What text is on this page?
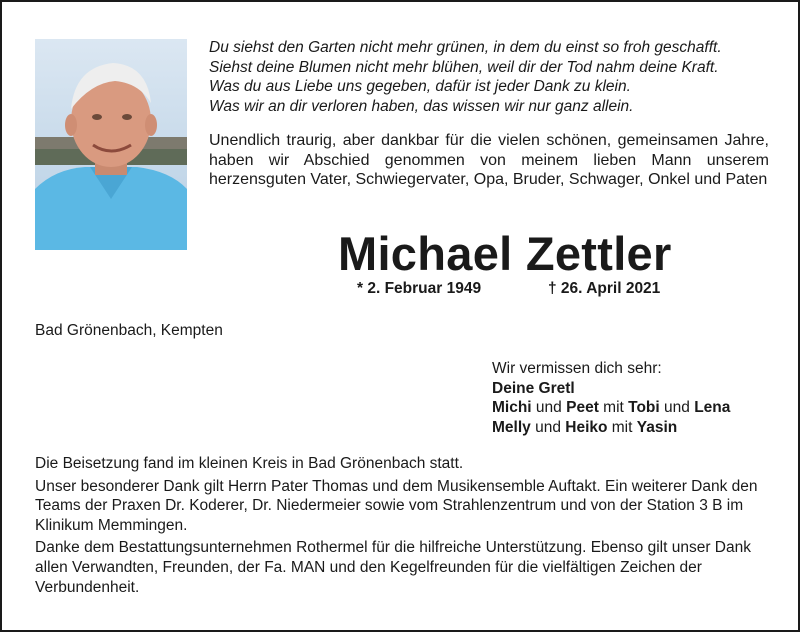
Du siehst den Garten nicht mehr grünen, in dem du einst so froh geschafft.
Siehst deine Blumen nicht mehr blühen, weil dir der Tod nahm deine Kraft.
Was du aus Liebe uns gegeben, dafür ist jeder Dank zu klein.
Was wir an dir verloren haben, das wissen wir nur ganz allein.
Unendlich traurig, aber dankbar für die vielen schönen, gemeinsamen Jahre, haben wir Abschied genommen von meinem lieben Mann unserem herzensguten Vater, Schwiegervater, Opa, Bruder, Schwager, Onkel und Paten
Michael Zettler
* 2. Februar 1949	† 26. April 2021
Bad Grönenbach, Kempten
Wir vermissen dich sehr:
Deine Gretl
Michi und Peet mit Tobi und Lena
Melly und Heiko mit Yasin

Die Beisetzung fand im kleinen Kreis in Bad Grönenbach statt.

Unser besonderer Dank gilt Herrn Pater Thomas und dem Musikensemble Auftakt. Ein weiterer Dank den Teams der Praxen Dr. Koderer, Dr. Niedermeier sowie vom Strahlenzentrum und von der Station 3 B im Klinikum Memmingen.

Danke dem Bestattungsunternehmen Rothermel für die hilfreiche Unterstützung. Ebenso gilt unser Dank allen Verwandten, Freunden, der Fa. MAN und den Kegelfreunden für die vielfältigen Zeichen der Verbundenheit.
